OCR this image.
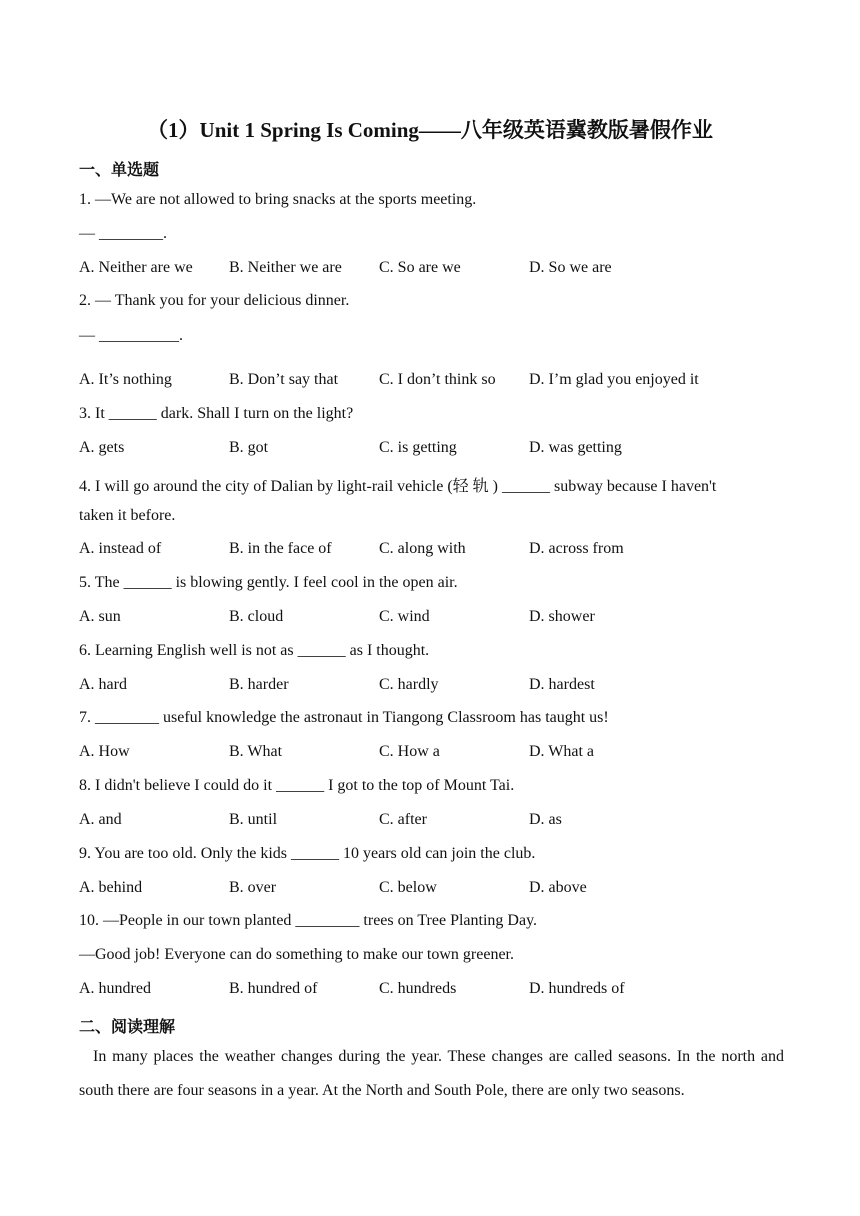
（1）Unit 1 Spring Is Coming——八年级英语冀教版暑假作业
一、单选题
1. —We are not allowed to bring snacks at the sports meeting.
— ________.
A. Neither are we B. Neither we are C. So are we	D. So we are
2. — Thank you for your delicious dinner.
— __________.
A. It’s nothing	B. Don’t say that	C. I don’t think so D. I’m glad you enjoyed it
3. It ______ dark. Shall I turn on the light?
A. gets	B. got	C. is getting	D. was getting
4. I will go around the city of Dalian by light-rail vehicle (轻 轨 ) ______ subway because I haven't
taken it before.
A. instead of	B. in the face of	C. along with	D. across from
5. The ______ is blowing gently. I feel cool in the open air.
A. sun	B. cloud	C. wind	D. shower
6. Learning English well is not as ______ as I thought.
A. hard	B. harder	C. hardly	D. hardest
7. ________ useful knowledge the astronaut in Tiangong Classroom has taught us!
A. How	B. What	C. How a	D. What a
8. I didn't believe I could do it ______ I got to the top of Mount Tai.
A. and	B. until	C. after	D. as
9. You are too old. Only the kids ______ 10 years old can join the club.
A. behind	B. over	C. below	D. above
10. —People in our town planted ________ trees on Tree Planting Day.
—Good job! Everyone can do something to make our town greener.
A. hundred	B. hundred of	C. hundreds	D. hundreds of
二、阅读理解
In many places the weather changes during the year. These changes are called seasons. In the north and south there are four seasons in a year. At the North and South Pole, there are only two seasons.
